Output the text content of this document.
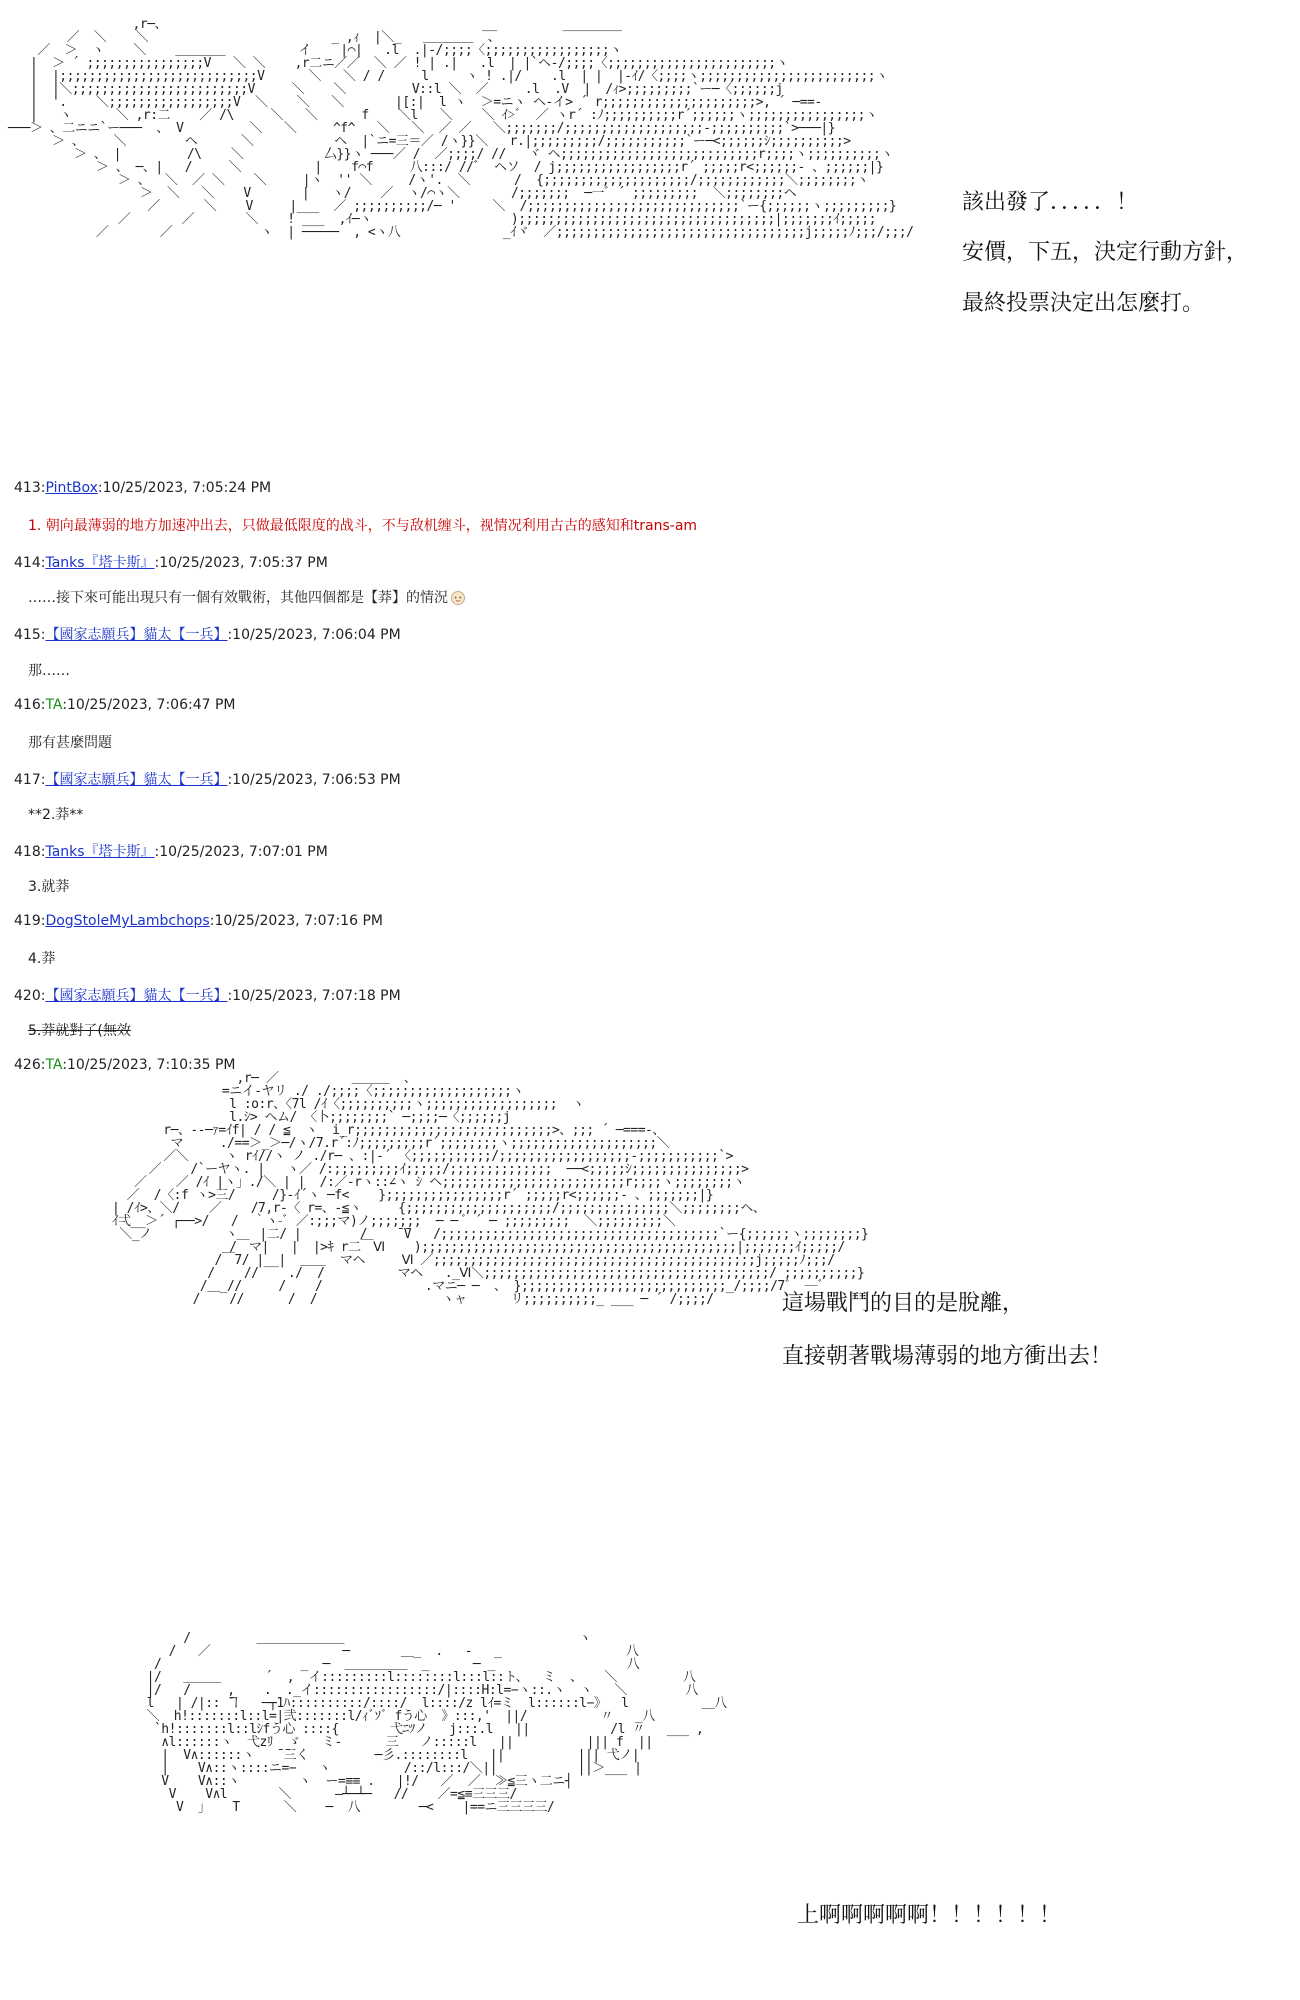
,r─、                                           __         ________
／  ＼    ＼                         _ ,ｨ  |＼_   ＿＿＿＿  、
／  ＞  ヽ    ＼    ＿＿＿＿          イ    |⌒|   .l  .|-/;;;;〈;;;;;;;;;;;;;;;;;ヽ
|  ＞ ´ ;;;;;;;;;;;;;;;;V   ＼ ＼    ,r二ニ／／  ＼ ／ ! | .|   .l  | |`ヘ-/;;;;〈;;;;;;;;;;;;;;;;;;;;;;;ヽ
|  |;;;;;;;;;;;;;;;;;;;;;;;;;;;V      ＼   ＼ / /     l     ヽ ! .|/    .l  | |  |-ｲ/〈;;;;ヽ;;;;;;;;;;;;;;;;;;;;;;;;ヽ
|  |＼;;;;;;;;;;;;;;;;;;;;;;;;V     ＼    ＼         V::l ＼  ／     .l  .V  |  /ｨ>;;;;;;;;;`ー─〈;;;;;;j
|  '.    ＼;;;;;;;;;;;;;;;;;V  ＼    ＼   ＼       |[:|  l ヽ  ＞=ニヽ ヘ-イ> ´ r;;;;;;;;;;;;;;;;;;;;;>, ´ ─==-
|   ヽ      ＼ ,r:二    ／ /\     ＼   ＼      f    ＼l   ＼    ＼ ｲ>ﾞ  ／ ヽr´ :ﾉ;;;;;;;;;;r´;;;;;;ヽ;;;;;;;;;;;;;;;;ヽ
───＞ 、二ニニ`ー───  、 V         ＼   ＼     ^f^   ＼   ＼  ／ ／   ＼;;;;;;;/;;;;;;;;;;;;;;;;;;;-;;;;;;;;;;`>───|}
＞ 、    ＼        ヘ      ＼           ヘ  |`ニ=三＝／ /ヽ}}＼   r.|;;;;;;;;;/;;;;;;;;;;;`ー─<;;;;;;ｼ;;;;;;;;;;>
＞ 、 |         /\    ＼           厶}}ヽ ───／ /  ／;;;;/ //   ヾ ヘ;;;;;;;;;;;;;;;;;;;;;;;;;;;r;;;;ヽ;;;;;;;;;;ヽ
＞ 、 ─、|   /     ＼          |    f⌒f     八:::/ //ﾞ  ヘソ  / j;;;;;;;;;;;;;;;;;r´ ;;;;;r<;;;;;;- 、;;;;;;|}
＞ 、  ＼  ／ ＼    ＼     |ヽ  '' ＼     /ヽ'.  ＼      /  {;;;;;;;;;;;;;;;;;;;;/;;;;;;;;;;;;＼;;;;;;;;ヽ
＞  ＼   ＼    V       |   ヽ/    ／  ヽ/⌒ヽ＼       /;;;;;;;  ─一ﾞ ´ ;;;;;;;;;  ＼;;;;;;;;ヘ
／      ＼    V     |___  ／ ;;;;;;;;;;/─ '     ＼  /;;;;;;;;;;;;;;;;;;;;;;;;;;;;;`ー{;;;;;;ヽ;;;;;;;;;}
／       ／       ＼    ! ___  ,ｲ─ヽ                   );;;;;;;;;;;;;;;;;;;;;;;;;;;;;;;;;;;|;;;;;;;ｲ;;;;;
／       ／            ヽ  | ─────  , <ヽ八              _ｲヾ  ／;;;;;;;;;;;;;;;;;;;;;;;;;;;;;;;;;;j;;;;;ﾉ;;;/;;;/
,r─ ／          ＿＿＿  、
=ニイ-ヤリ ./ ./;;;;〈;;;;;;;;;;;;;;;;;;;ヽ
l :o:r、〈7l /ｲ〈;;;;;;;;;;ヽ;;;;;;;;;;;;;;;;;;  ヽ
l.ｼ> ヘム/ 〈卜;;;;;;;;` ─;;;;─〈;;;;;;j
r─、--─ｧ=ｲf| / / ≦  ヽ  i_r;;;;;;;;;;;;;;;;;;;;;;;;;;;>、;;; ´ ─===-、
マ     ./==＞_＞─/ヽ/7.r´:ﾉ;;;;;;;;;r´;;;;;;;;ヽ;;;;;;;;;;;;;;;;;;;;＼
／＼     ヽ rｲ//ヽ ノ ./r─ 、:|-´ 〈;;;;;;;;;;;/;;;;;;;;;;;;;;;;;;-;;;;;;;;;;;`>
／    /`ーヤヽ. |   ヽ／ /:;;;;;;;;;ｲ;;;;;/;;;;;;;;;;;;;;  ──<;;;;;ｼ;;;;;;;;;;;;;;;>
／    ／ /ｲ |ヽ」./＼ | |  /:／-rヽ::∠ヽ ｼ ヘ;;;;;;;;;;;;;;;;;;;;;;;;;r;;;;ヽ;;;;;;;;ヽ
／  /〈:f ヽ>三/     /}-ｲ´ヽ ─f<    };;;;;;;;;;;;;;;;r´ ;;;;;r<;;;;;;- 、;;;;;;;|}
| /ｲ>、＼/    ／    /7,r‐〈 r=、-≦ヽ     {;;;;;;;;;;;;;;;;;;;;/;;;;;;;;;;;;;;;＼;;;;;;;;ヘ、
ｲ弌__＞´ ┌──>/   /  ｀ヽ-ﾞ ／:;;;マ)ノ;;;;;;;  ─ ─ ﾞ ´ ─ ;;;;;;;;;  ＼;;;;;;;;;＼
＼_ノ          ヽ   |二/ |        /    ̄ ̄V   /;;;;;;;;;;;;;;;;;;;;;;;;;;;;;;;;;;;;;;`ー{;;;;;;ヽ;;;;;;;;}
/￣マ|   |  |>ｷ r二￣Ⅵ    );;;;;;;;;;;;;;;;;;;;;;;;;;;;;;;;;;;;;;;;;;;|;;;;;;;ｲ;;;;;/
/￣7/ |__|  ＿＿  マヘ     Ⅵ ／;;;;;;;;;;;;;;;;;;;;;;;;;;;;;;;;;;;;;;;;;;;;j;;;;;ﾉ;;;/
/    //    ./  /          マヘ   ._Ⅵ＼;;;;;;;;;;;;;;;;;;;;;;;;;;;;;;;;;;;;;;;/ ;;;;;;;;;;}
/＿_//     /    /              .マニ─ ─  、 };;;;;;;;;;;;;;;;;;;;;;;;;;;;_/;;;;/7゛ ─ﾞ
/    //      /  /                 ヽャ      リ;;;;;;;;;;_ ___ ─ ´ /;;;;/
/         ＿＿＿＿＿＿＿                                ヽ
/   ／                  ─       ＿_  .   -   _                 八
/                   _  ─  ＿＿＿＿＿  _      ─ _                  八
|/   ＿＿＿      ´  ,  イ:::::::::l::::::::l:::l::ト、  ミ  、   ＼         八
|/   /     ,    .  ._イ:::::::::::::::::/|::::H:l=−ヽ::.ヽ  ヽ   ＼        八
l   | /|:: ̄ヿ   ─┬1ﾊ::::::::::/::::/  l::::/z lｲ=ミ  l::::::l−》  l          ＿八
＼  h!:::::::l::l=|弐:::::::l/ｨﾞｿﾞ fう心  》:::,'  ||/          〃   _八
`h!:::::::l::lｼfう心 ::::{       弋ﾆﾂノ   j:::.l   ||           /l 〃   ___ ,
∧l::::::ヽ  弋zﾘ  ゞ   ミ-      三   ノ:::::l   ||          ||| f  ||
|  V∧::::::ヽ   ̄ ̄三く         ─彡.::::::::l   ||          ||| 弋ノ|
|    V∧::ヽ::::ニ=−   ヽ          /::/l:::/＼||           ||＞___ |
V    V∧::ヽ        ヽ  ー=≡≡ .   |!/   ／  ／  ≫≦三ヽ二ニ┤
V    V∧l       ＼      ―┴─┴─   //    ／=≦≡三三三/
V  」   T      ＼    ─  八        ─<    |==ニ三三三三/
該出發了．．．．．！
安價，下五，決定行動方針，
最終投票決定出怎麼打。
這場戰鬥的目的是脫離，
直接朝著戰場薄弱的地方衝出去！
上啊啊啊啊啊！！！！！！
413:PintBox:10/25/2023, 7:05:24 PM
1. 朝向最薄弱的地方加速冲出去，只做最低限度的战斗，不与敌机缠斗，视情况利用古古的感知和trans-am
414:Tanks『塔卡斯』:10/25/2023, 7:05:37 PM
……接下來可能出現只有一個有效戰術，其他四個都是【莽】的情況
415:【國家志願兵】貓太【一兵】:10/25/2023, 7:06:04 PM
那……
416:TA:10/25/2023, 7:06:47 PM
那有甚麼問題
417:【國家志願兵】貓太【一兵】:10/25/2023, 7:06:53 PM
**2.莽**
418:Tanks『塔卡斯』:10/25/2023, 7:07:01 PM
3.就莽
419:DogStoleMyLambchops:10/25/2023, 7:07:16 PM
4.莽
420:【國家志願兵】貓太【一兵】:10/25/2023, 7:07:18 PM
5.莽就對了(無效
426:TA:10/25/2023, 7:10:35 PM
